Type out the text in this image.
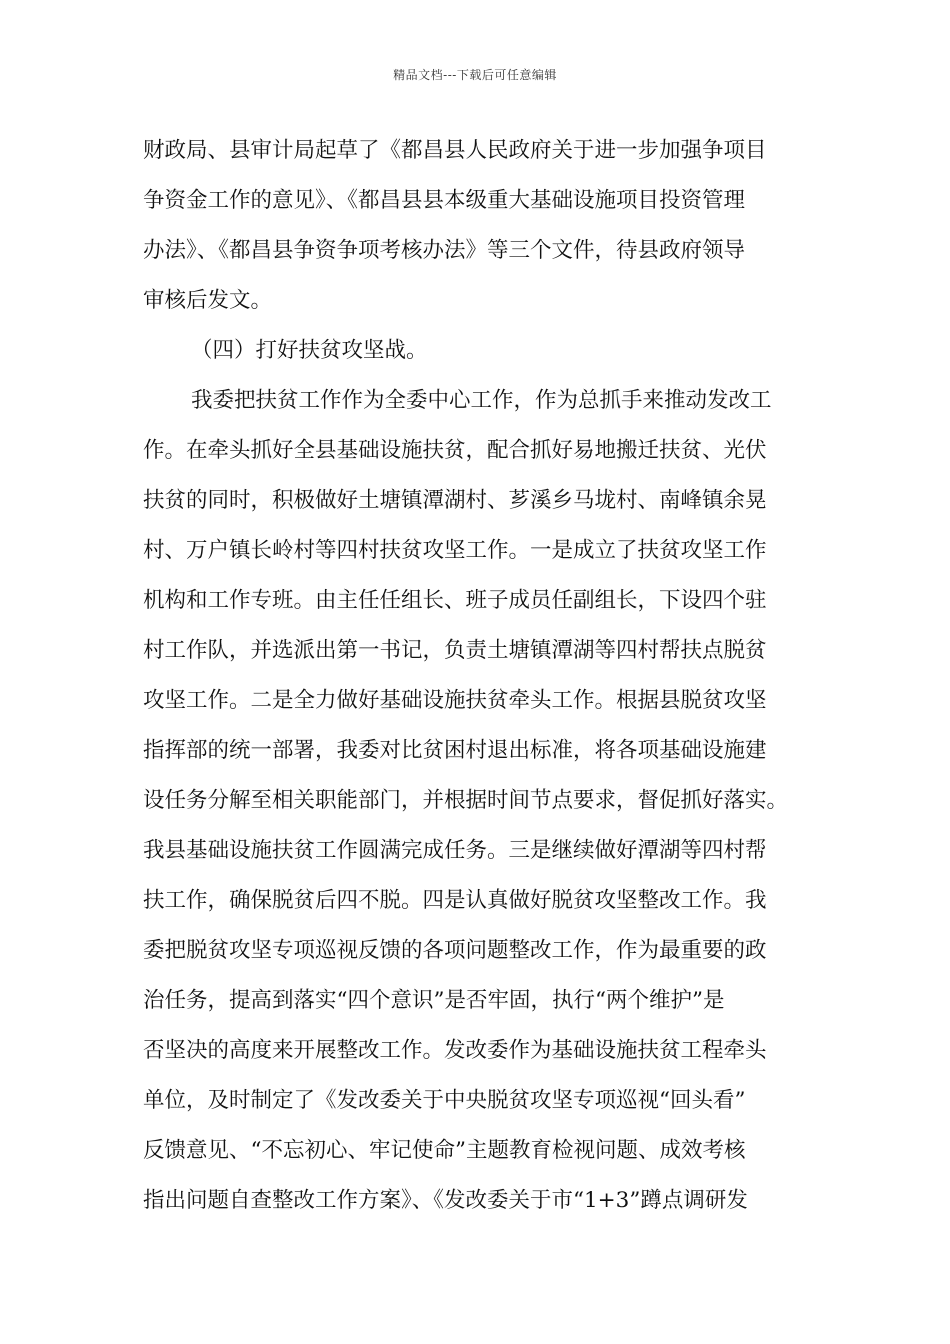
精品文档---下载后可任意编辑
财政局、县审计局起草了《都昌县人民政府关于进一步加强争项目
争资金工作的意见》、《都昌县县本级重大基础设施项目投资管理
办法》、《都昌县争资争项考核办法》等三个文件，待县政府领导
审核后发文。
（四）打好扶贫攻坚战。
我委把扶贫工作作为全委中心工作，作为总抓手来推动发改工
作。在牵头抓好全县基础设施扶贫，配合抓好易地搬迁扶贫、光伏
扶贫的同时，积极做好土塘镇潭湖村、芗溪乡马垅村、南峰镇余晃
村、万户镇长岭村等四村扶贫攻坚工作。一是成立了扶贫攻坚工作
机构和工作专班。由主任任组长、班子成员任副组长，下设四个驻
村工作队，并选派出第一书记，负责土塘镇潭湖等四村帮扶点脱贫
攻坚工作。二是全力做好基础设施扶贫牵头工作。根据县脱贫攻坚
指挥部的统一部署，我委对比贫困村退出标准，将各项基础设施建
设任务分解至相关职能部门，并根据时间节点要求，督促抓好落实。
我县基础设施扶贫工作圆满完成任务。三是继续做好潭湖等四村帮
扶工作，确保脱贫后四不脱。四是认真做好脱贫攻坚整改工作。我
委把脱贫攻坚专项巡视反馈的各项问题整改工作，作为最重要的政
治任务，提高到落实“四个意识”是否牢固，执行“两个维护”是
否坚决的高度来开展整改工作。发改委作为基础设施扶贫工程牵头
单位，及时制定了《发改委关于中央脱贫攻坚专项巡视“回头看”
反馈意见、“不忘初心、牢记使命”主题教育检视问题、成效考核
指出问题自查整改工作方案》、《发改委关于市“1+3”蹲点调研发
